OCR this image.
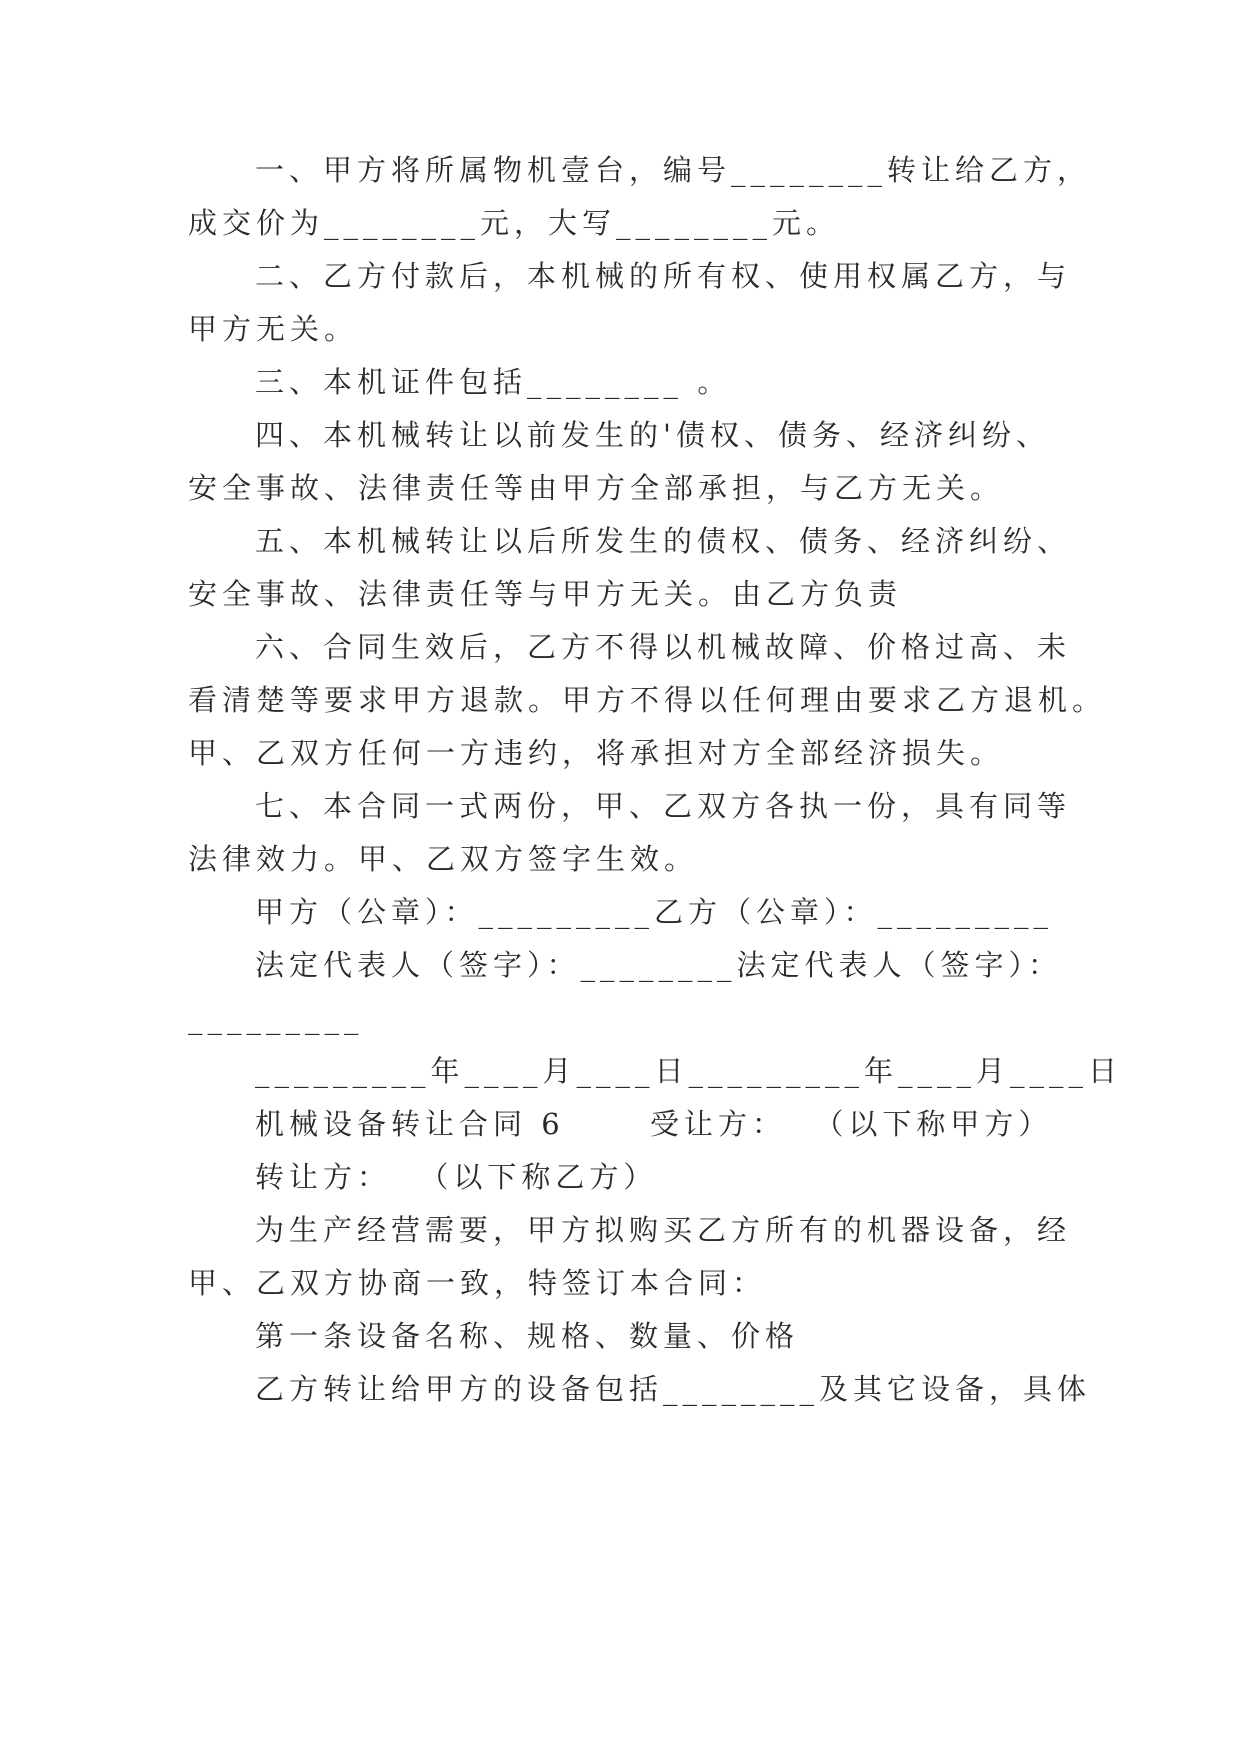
一、甲方将所属物机壹台，编号________转让给乙方，
成交价为________元，大写________元。
二、乙方付款后，本机械的所有权、使用权属乙方，与
甲方无关。
三、本机证件包括________ 。
四、本机械转让以前发生的'债权、债务、经济纠纷、
安全事故、法律责任等由甲方全部承担，与乙方无关。
五、本机械转让以后所发生的债权、债务、经济纠纷、
安全事故、法律责任等与甲方无关。由乙方负责
六、合同生效后，乙方不得以机械故障、价格过高、未
看清楚等要求甲方退款。甲方不得以任何理由要求乙方退机。
甲、乙双方任何一方违约，将承担对方全部经济损失。
七、本合同一式两份，甲、乙双方各执一份，具有同等
法律效力。甲、乙双方签字生效。
甲方（公章）：_________乙方（公章）：_________
法定代表人（签字）：________法定代表人（签字）：
_________
_________年____月____日_________年____月____日
机械设备转让合同 6      受让方：  （以下称甲方）
转让方：  （以下称乙方）
为生产经营需要，甲方拟购买乙方所有的机器设备，经
甲、乙双方协商一致，特签订本合同：
第一条设备名称、规格、数量、价格
乙方转让给甲方的设备包括________及其它设备，具体
